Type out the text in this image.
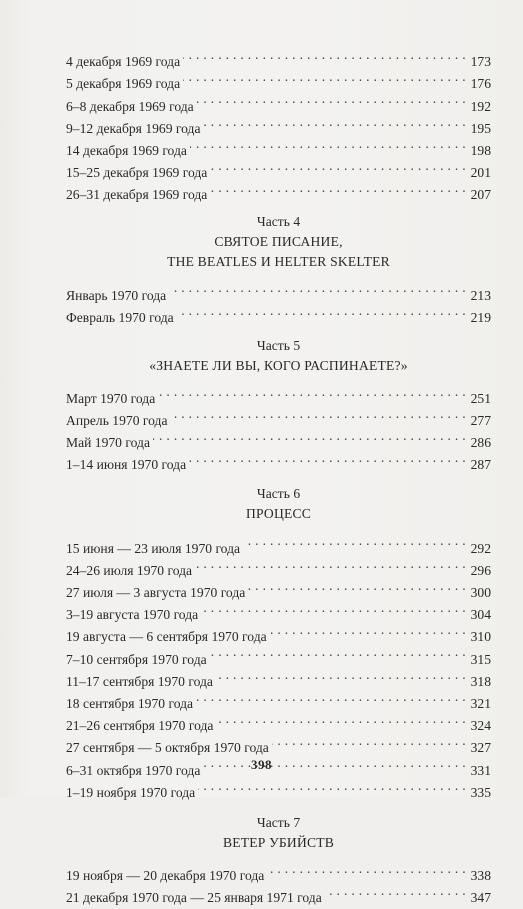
4 декабря 1969 года . . .	173
5 декабря 1969 года . . .	176
6–8 декабря 1969 года . . .	192
9–12 декабря 1969 года . . .	195
14 декабря 1969 года . . .	198
15–25 декабря 1969 года . . .	201
26–31 декабря 1969 года . . .	207
Часть 4
СВЯТОЕ ПИСАНИЕ,
THE BEATLES И HELTER SKELTER
Январь 1970 года . . .	213
Февраль 1970 года . . .	219
Часть 5
«ЗНАЕТЕ ЛИ ВЫ, КОГО РАСПИНАЕТЕ?»
Март 1970 года . . .	251
Апрель 1970 года . . .	277
Май 1970 года . . .	286
1–14 июня 1970 года . . .	287
Часть 6
ПРОЦЕСС
15 июня — 23 июля 1970 года . . .	292
24–26 июля 1970 года . . .	296
27 июля — 3 августа 1970 года . . .	300
3–19 августа 1970 года . . .	304
19 августа — 6 сентября 1970 года . . .	310
7–10 сентября 1970 года . . .	315
11–17 сентября 1970 года . . .	318
18 сентября 1970 года . . .	321
21–26 сентября 1970 года . . .	324
27 сентября — 5 октября 1970 года . . .	327
6–31 октября 1970 года . . .	331
1–19 ноября 1970 года . . .	335
Часть 7
ВЕТЕР УБИЙСТВ
19 ноября — 20 декабря 1970 года . . .	338
21 декабря 1970 года — 25 января 1971 года . . .	347
398
